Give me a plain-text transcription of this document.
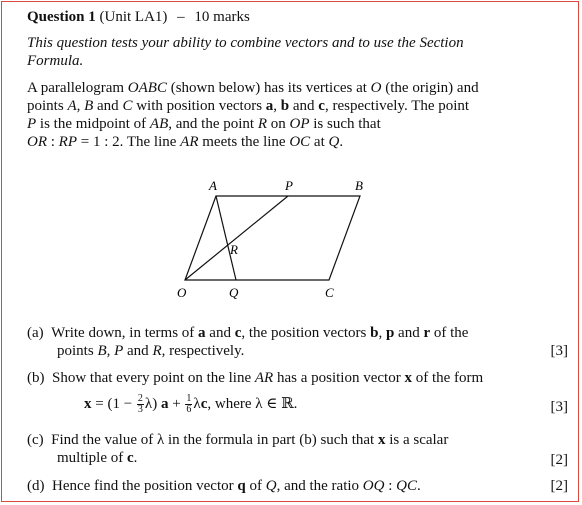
Question 1 (Unit LA1) – 10 marks
This question tests your ability to combine vectors and to use the Section
Formula.
A parallelogram OABC (shown below) has its vertices at O (the origin) and
points A, B and C with position vectors a, b and c, respectively. The point
P is the midpoint of AB, and the point R on OP is such that
OR : RP = 1 : 2. The line AR meets the line OC at Q.
A	P	B
R
O	Q	C
(a) Write down, in terms of a and c, the position vectors b, p and r of the
points B, P and R, respectively.	[3]
(b) Show that every point on the line AR has a position vector x of the form
$x = (1 - \frac{2}{3} \lambda)$ $a + \frac{1}{6} \lambda c$, where λ ∈ ℝ.	[3]
(c) Find the value of λ in the formula in part (b) such that x is a scalar
multiple of c.	[2]
(d) Hence find the position vector q of Q, and the ratio OQ : QC.	[2]
